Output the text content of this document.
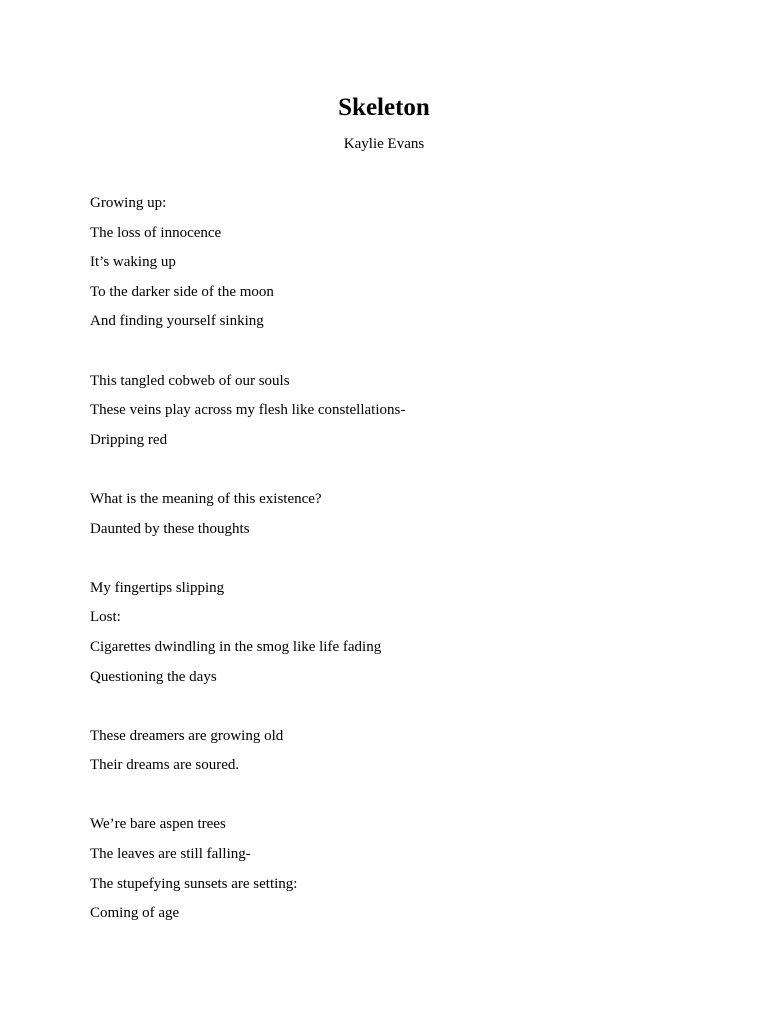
Skeleton

Kaylie Evans

Growing up:
The loss of innocence
It’s waking up
To the darker side of the moon
And finding yourself sinking
This tangled cobweb of our souls
These veins play across my flesh like constellations-
Dripping red
What is the meaning of this existence?
Daunted by these thoughts
My fingertips slipping
Lost:
Cigarettes dwindling in the smog like life fading
Questioning the days
These dreamers are growing old
Their dreams are soured.
We’re bare aspen trees
The leaves are still falling-
The stupefying sunsets are setting:
Coming of age
